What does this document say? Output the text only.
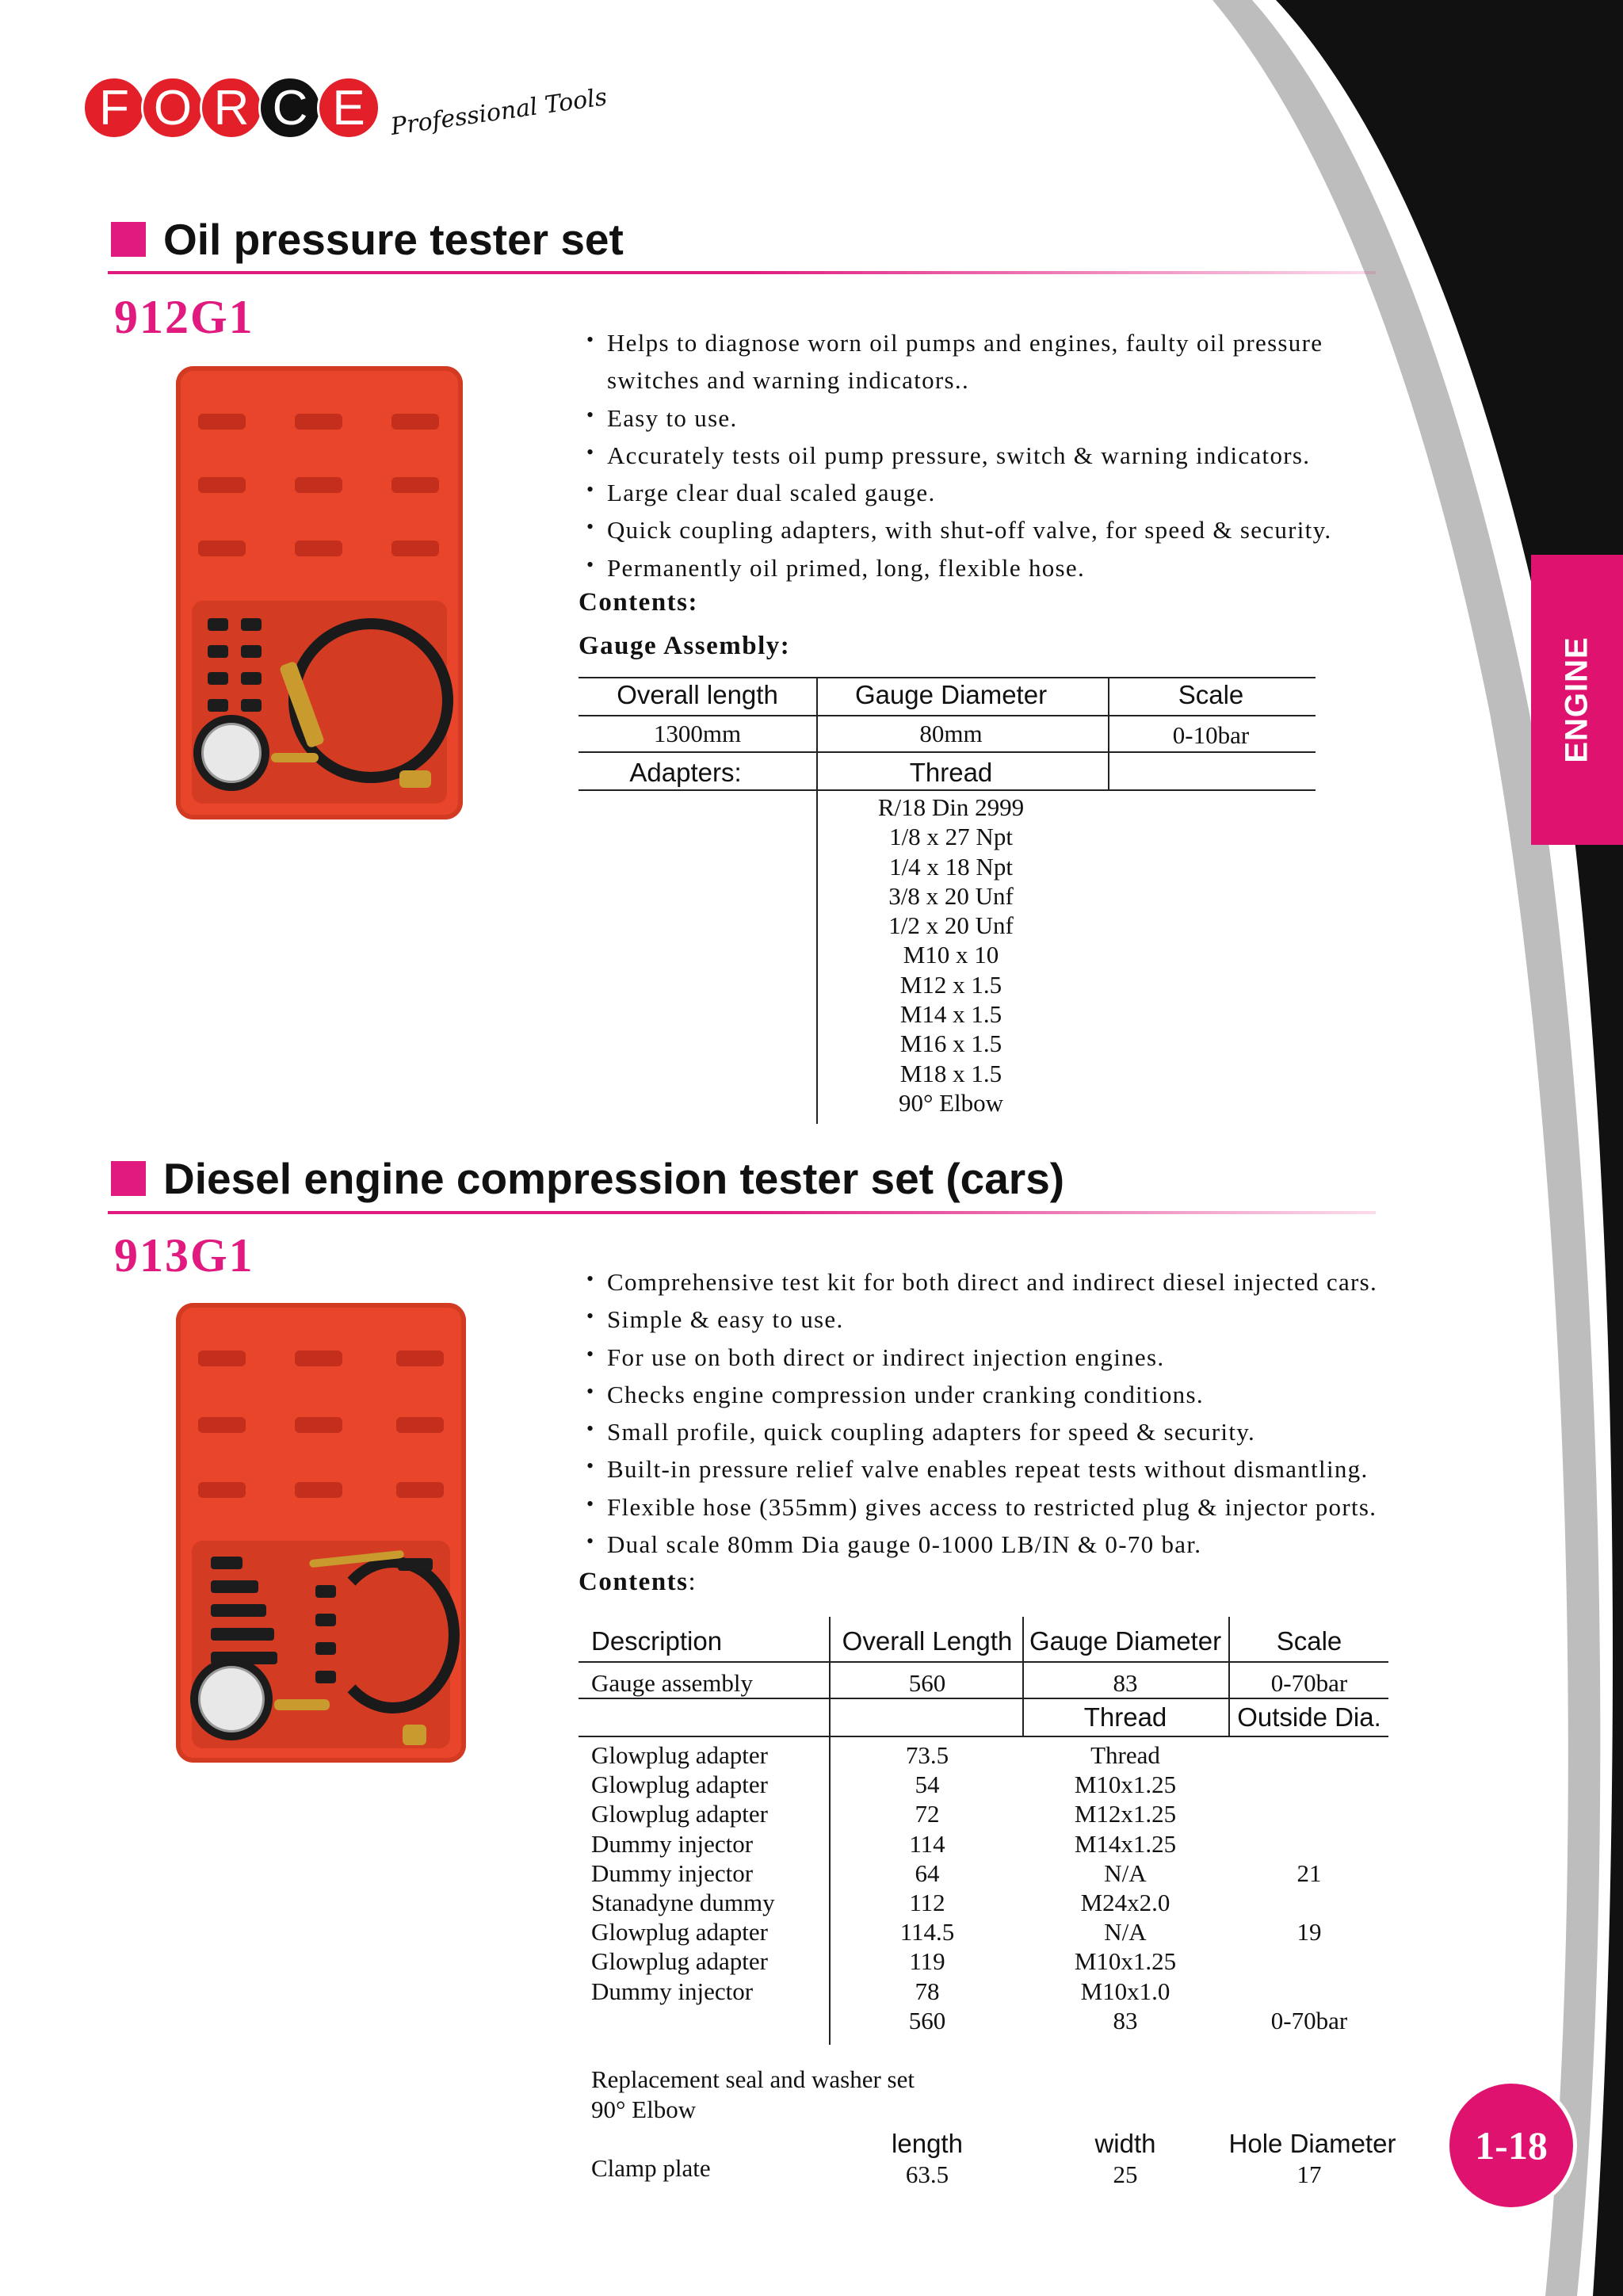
F O R C E	Professional Tools
ENGINE
Oil pressure tester set
912G1
•	Helps to diagnose worn oil pumps and engines, faulty oil pressure
switches and warning indicators..
• Easy to use.
• Accurately tests oil pump pressure, switch & warning indicators.
• Large clear dual scaled gauge.
• Quick coupling adapters, with shut-off valve, for speed & security.
• Permanently oil primed, long, flexible hose.
Contents:
Gauge Assembly:
Overall length	Gauge Diameter	Scale
1300mm	80mm	0-10bar
Adapters:	Thread
R/18 Din 2999
1/8 x 27 Npt
1/4 x 18 Npt
3/8 x 20 Unf
1/2 x 20 Unf
M10 x 10
M12 x 1.5
M14 x 1.5
M16 x 1.5
M18 x 1.5
90° Elbow
Diesel engine compression tester set (cars)
913G1
• Comprehensive test kit for both direct and indirect diesel injected cars.
• Simple & easy to use.
• For use on both direct or indirect injection engines.
• Checks engine compression under cranking conditions.
• Small profile, quick coupling adapters for speed & security.
• Built-in pressure relief valve enables repeat tests without dismantling.
• Flexible hose (355mm) gives access to restricted plug & injector ports.
• Dual scale 80mm Dia gauge 0-1000 LB/IN & 0-70 bar.
Contents:
Description	Overall Length Gauge Diameter	Scale
Gauge assembly	560	83	0-70bar
Thread	Outside Dia.
Glowplug adapter	73.5	Thread
Glowplug adapter	54	M10x1.25
Glowplug adapter	72	M12x1.25
Dummy injector	114	M14x1.25
Dummy injector	64	N/A	21
Stanadyne dummy	112	M24x2.0
Glowplug adapter	114.5	N/A	19
Glowplug adapter	119	M10x1.25
Dummy injector	78	M10x1.0
560	83	0-70bar
Replacement seal and washer set
90° Elbow
length	width	Hole Diameter
Clamp plate	63.5	25	17
1-18
